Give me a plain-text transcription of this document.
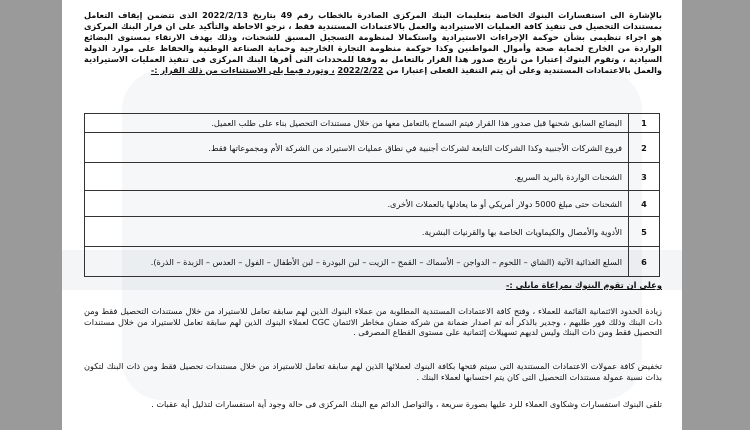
بالإشارة الى استفسارات البنوك الخاصة بتعليمات البنك المركزى الصادرة بالخطاب رقم 49 بتاريخ 2022/2/13 الذى تتضمن إيقاف التعامل بمستندات التحصيل فى تنفيذ كافة العمليات الاستيرادية والعمل بالاعتمادات المستندية فقط ، نرجو الاحاطة والتأكيد على ان قرار البنك المركزى هو اجراء تنظيمى بشأن حوكمة الإجراءات الاستيرادية واستكمالا لمنظومة التسجيل المسبق للشحنات، وذلك بهدف الارتقاء بمستوى البضائع الواردة من الخارج لحماية صحة وأموال المواطنين وكذا حوكمة منظومة التجارة الخارجية وحماية الصناعة الوطنية والحفاظ على موارد الدولة السيادية ، وتقوم البنوك إعتبارا من تاريخ صدور هذا القرار بالتعامل به وفقا للمحددات التى أقرها البنك المركزى فى تنفيذ العمليات الاستيرادية والعمل بالاعتمادات المستندية وعلى أن يتم التنفيذ الفعلى إعتبارا من 2022/2/22 ، وتورد فيما يلى الاستثناءات من ذلك القرار :-
1	البضائع السابق شحنها قبل صدور هذا القرار فيتم السماح بالتعامل معها من خلال مستندات التحصيل بناء على طلب العميل.
2	فروع الشركات الأجنبية وكذا الشركات التابعة لشركات أجنبية في نطاق عمليات الاستيراد من الشركة الأم ومجموعاتها فقط.
3	الشحنات الواردة بالبريد السريع.
4	الشحنات حتى مبلغ 5000 دولار أمريكي أو ما يعادلها بالعملات الأخرى.
5	الأدوية والأمصال والكيماويات الخاصة بها والقرنيات البشرية.
6	السلع الغذائية الآتية (الشاي – اللحوم – الدواجن – الأسماك – القمح – الزيت – لبن البودرة – لبن الأطفال – الفول – العدس – الزبدة – الذرة).
وعلى ان تقوم البنوك بمراعاة مايلى :-
زيادة الحدود الائتمانية القائمة للعملاء ، وفتح كافة الاعتمادات المستندية المطلوبة من عملاء البنوك الذين لهم سابقة تعامل للاستيراد من خلال مستندات التحصيل فقط ومن ذات البنك وذلك فور طلبهم ، وجدير بالذكر أنه تم اصدار ضمانة من شركة ضمان مخاطر الائتمان CGC لعملاء البنوك الذين لهم سابقة تعامل للاستيراد من خلال مستندات التحصيل فقط ومن ذات البنك وليس لديهم تسهيلات إئتمانية على مستوى القطاع المصرفى .
تخفيض كافة عمولات الاعتمادات المستندية التى سيتم فتحها بكافة البنوك لعملائها الذين لهم سابقة تعامل للاستيراد من خلال مستندات تحصيل فقط ومن ذات البنك لتكون بذات نسبة عمولة مستندات التحصيل التى كان يتم احتسابها لعملاء البنك .
تلقى البنوك استفسارات وشكاوى العملاء للرد عليها بصورة سريعة ، والتواصل الدائم مع البنك المركزى فى حالة وجود أية استفسارات لتذليل أية عقبات .
